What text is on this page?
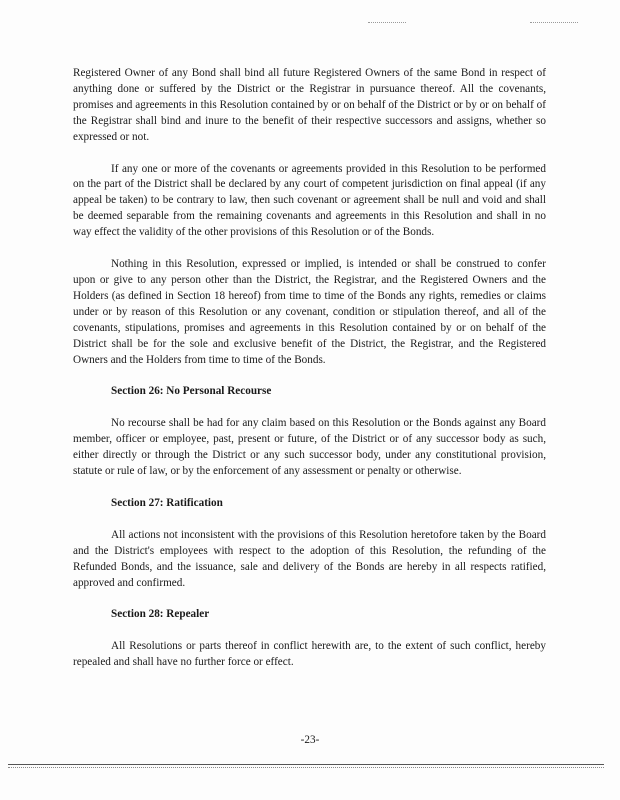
Registered Owner of any Bond shall bind all future Registered Owners of the same Bond in respect of anything done or suffered by the District or the Registrar in pursuance thereof. All the covenants, promises and agreements in this Resolution contained by or on behalf of the District or by or on behalf of the Registrar shall bind and inure to the benefit of their respective successors and assigns, whether so expressed or not.

If any one or more of the covenants or agreements provided in this Resolution to be performed on the part of the District shall be declared by any court of competent jurisdiction on final appeal (if any appeal be taken) to be contrary to law, then such covenant or agreement shall be null and void and shall be deemed separable from the remaining covenants and agreements in this Resolution and shall in no way effect the validity of the other provisions of this Resolution or of the Bonds.

Nothing in this Resolution, expressed or implied, is intended or shall be construed to confer upon or give to any person other than the District, the Registrar, and the Registered Owners and the Holders (as defined in Section 18 hereof) from time to time of the Bonds any rights, remedies or claims under or by reason of this Resolution or any covenant, condition or stipulation thereof, and all of the covenants, stipulations, promises and agreements in this Resolution contained by or on behalf of the District shall be for the sole and exclusive benefit of the District, the Registrar, and the Registered Owners and the Holders from time to time of the Bonds.

Section 26: No Personal Recourse

No recourse shall be had for any claim based on this Resolution or the Bonds against any Board member, officer or employee, past, present or future, of the District or of any successor body as such, either directly or through the District or any such successor body, under any constitutional provision, statute or rule of law, or by the enforcement of any assessment or penalty or otherwise.

Section 27: Ratification

All actions not inconsistent with the provisions of this Resolution heretofore taken by the Board and the District's employees with respect to the adoption of this Resolution, the refunding of the Refunded Bonds, and the issuance, sale and delivery of the Bonds are hereby in all respects ratified, approved and confirmed.

Section 28: Repealer

All Resolutions or parts thereof in conflict herewith are, to the extent of such conflict, hereby repealed and shall have no further force or effect.

-23-
